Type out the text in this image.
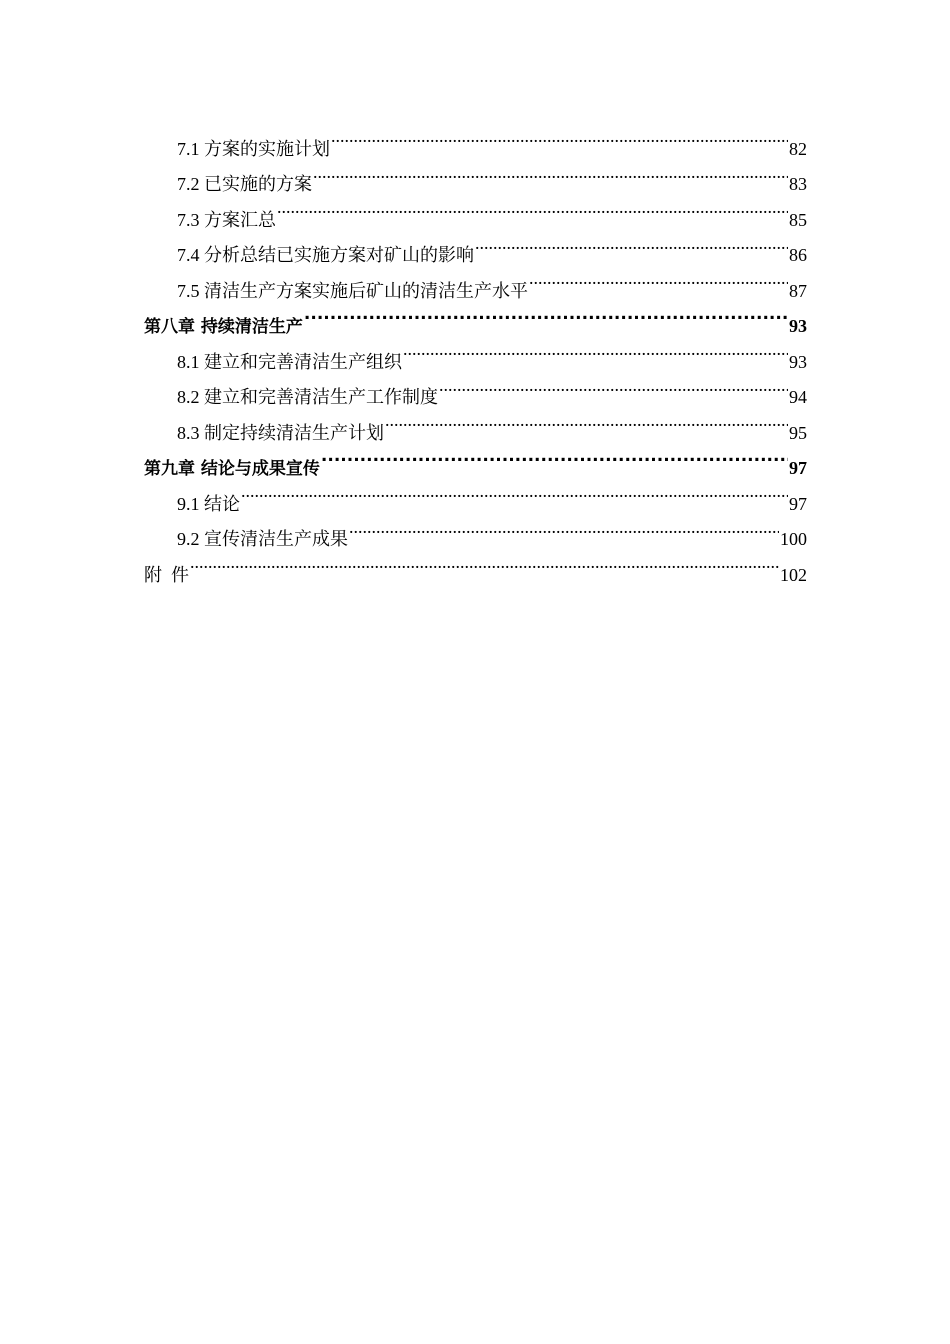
7.1 方案的实施计划 .....	82
7.2 已实施的方案 .....	83
7.3 方案汇总 .....	85
7.4 分析总结已实施方案对矿山的影响 .....	86
7.5 清洁生产方案实施后矿山的清洁生产水平 .....	87
第八章 持续清洁生产 .....	93
8.1 建立和完善清洁生产组织 .....	93
8.2 建立和完善清洁生产工作制度 .....	94
8.3 制定持续清洁生产计划 .....	95
第九章 结论与成果宣传 .....	97
9.1 结论 .....	97
9.2 宣传清洁生产成果 .....	100
附  件 .....	102
